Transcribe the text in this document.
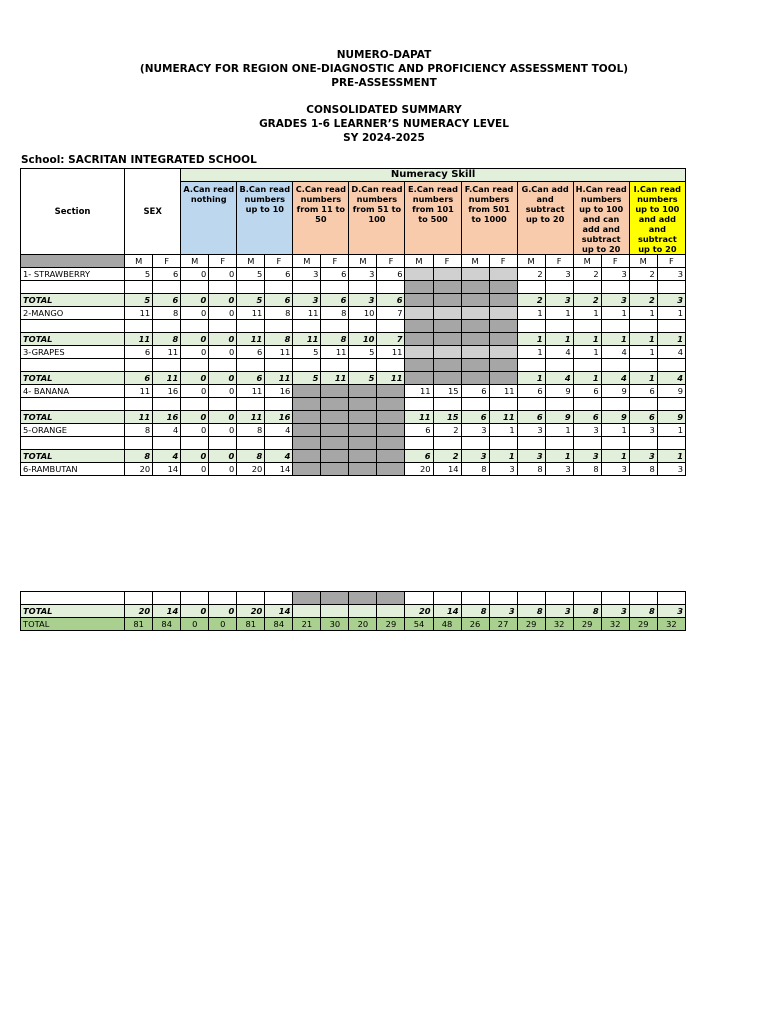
NUMERO-DAPAT
(NUMERACY FOR REGION ONE-DIAGNOSTIC AND PROFICIENCY ASSESSMENT TOOL)
PRE-ASSESSMENT
CONSOLIDATED SUMMARY
GRADES 1-6 LEARNER’S NUMERACY LEVEL
SY 2024-2025
School: SACRITAN INTEGRATED SCHOOL
Section	SEX		Numeracy Skill																	
			A.Can read nothing		B.Can read numbers up to 10		C.Can read numbers from 11 to 50		D.Can read numbers from 51 to 100		E.Can read numbers from 101 to 500		F.Can read numbers from 501 to 1000		G.Can add and subtract up to 20		H.Can read numbers up to 100 and can add and subtract up to 20		I.Can read numbers up to 100 and add and subtract up to 20	
	M	F	M	F	M	F	M	F	M	F	M	F	M	F	M	F	M	F	M	F
1- STRAWBERRY	5	6	0	0	5	6	3	6	3	6					2	3	2	3	2	3

TOTAL	5	6	0	0	5	6	3	6	3	6					2	3	2	3	2	3
2-MANGO	11	8	0	0	11	8	11	8	10	7					1	1	1	1	1	1

TOTAL	11	8	0	0	11	8	11	8	10	7					1	1	1	1	1	1
3-GRAPES	6	11	0	0	6	11	5	11	5	11					1	4	1	4	1	4

TOTAL	6	11	0	0	6	11	5	11	5	11					1	4	1	4	1	4
4- BANANA	11	16	0	0	11	16					11	15	6	11	6	9	6	9	6	9

TOTAL	11	16	0	0	11	16					11	15	6	11	6	9	6	9	6	9
5-ORANGE	8	4	0	0	8	4					6	2	3	1	3	1	3	1	3	1

TOTAL	8	4	0	0	8	4					6	2	3	1	3	1	3	1	3	1
6-RAMBUTAN	20	14	0	0	20	14					20	14	8	3	8	3	8	3	8	3

TOTAL	20	14	0	0	20	14					20	14	8	3	8	3	8	3	8	3
TOTAL	81	84	0	0	81	84	21	30	20	29	54	48	26	27	29	32	29	32	29	32
